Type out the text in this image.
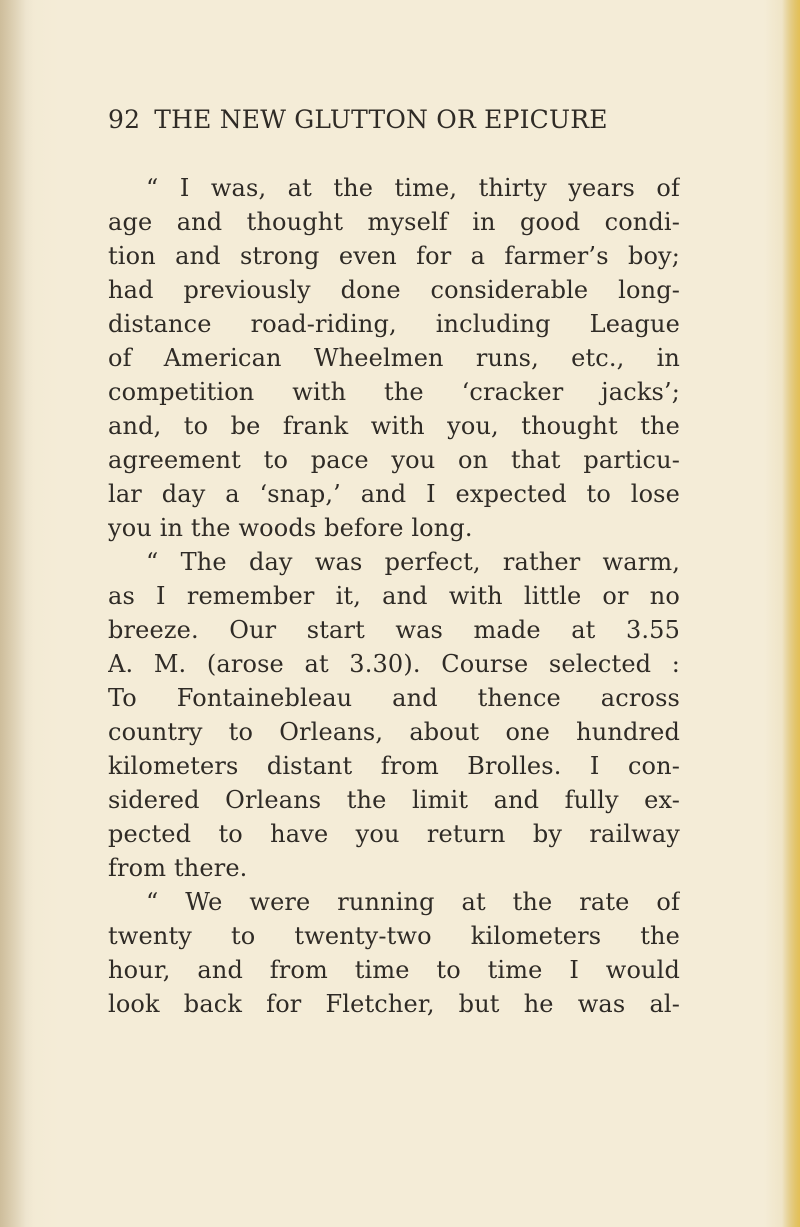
92 THE NEW GLUTTON OR EPICURE
“ I was, at the time, thirty years of
age and thought myself in good condi-
tion and strong even for a farmer’s boy;
had previously done considerable long-
distance road-riding, including League
of American Wheelmen runs, etc., in
competition with the ‘cracker jacks’;
and, to be frank with you, thought the
agreement to pace you on that particu-
lar day a ‘snap,’ and I expected to lose
you in the woods before long.
“ The day was perfect, rather warm,
as I remember it, and with little or no
breeze. Our start was made at 3.55
A. M. (arose at 3.30). Course selected :
To Fontainebleau and thence across
country to Orleans, about one hundred
kilometers distant from Brolles. I con-
sidered Orleans the limit and fully ex-
pected to have you return by railway
from there.
“ We were running at the rate of
twenty to twenty-two kilometers the
hour, and from time to time I would
look back for Fletcher, but he was al-
